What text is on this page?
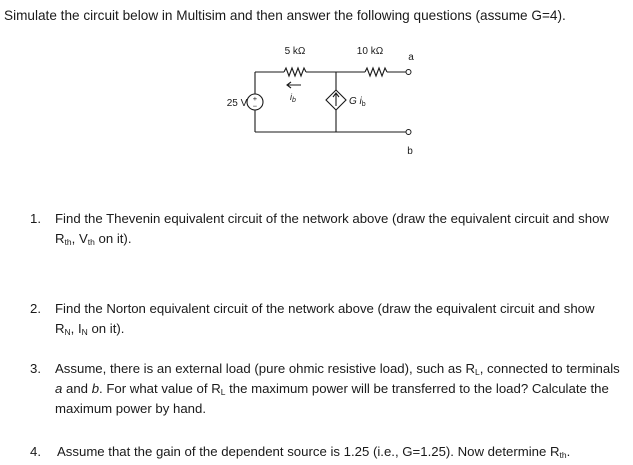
Simulate the circuit below in Multisim and then answer the following questions (assume G=4).
+
−
5 kΩ	10 kΩ
a
b
25 V
$i_b$	G $i_b$
1. Find the Thevenin equivalent circuit of the network above (draw the equivalent circuit and show
$R_{th}$, $V_{th}$ on it).
2. Find the Norton equivalent circuit of the network above (draw the equivalent circuit and show
$R_N$, $I_N$ on it).
3. Assume, there is an external load (pure ohmic resistive load), such as $R_L$, connected to terminals
a and b. For what value of $R_L$ the maximum power will be transferred to the load? Calculate the
maximum power by hand.
4. Assume that the gain of the dependent source is 1.25 (i.e., G=1.25). Now determine $R_{th}$.
